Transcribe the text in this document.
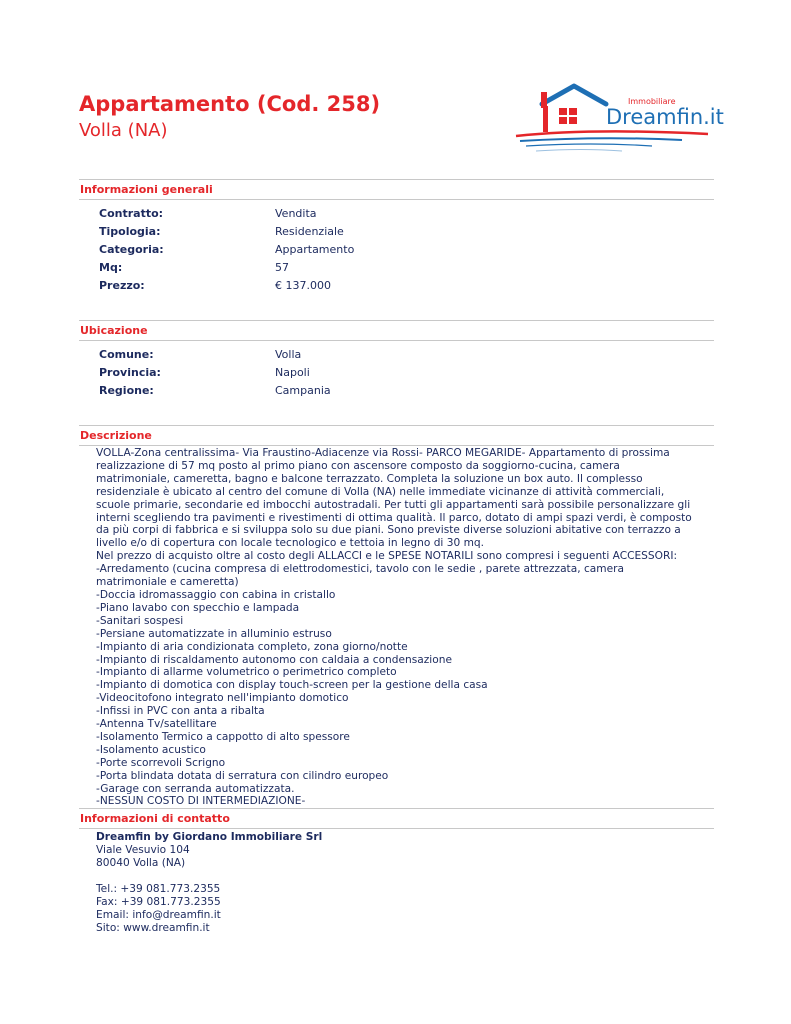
Appartamento (Cod. 258)
Volla (NA)
Immobiliare
Dreamfin.it
Informazioni generali
Contratto:	Vendita
Tipologia:	Residenziale
Categoria:	Appartamento
Mq:	57
Prezzo:	€ 137.000
Ubicazione
Comune:	Volla
Provincia:	Napoli
Regione:	Campania
Descrizione

VOLLA-Zona centralissima- Via Fraustino-Adiacenze via Rossi- PARCO MEGARIDE- Appartamento di prossima realizzazione di 57 mq posto al primo piano con ascensore composto da soggiorno-cucina, camera matrimoniale, cameretta, bagno e balcone terrazzato. Completa la soluzione un box auto. Il complesso residenziale è ubicato al centro del comune di Volla (NA) nelle immediate vicinanze di attività commerciali, scuole primarie, secondarie ed imbocchi autostradali. Per tutti gli appartamenti sarà possibile personalizzare gli interni scegliendo tra pavimenti e rivestimenti di ottima qualità. Il parco, dotato di ampi spazi verdi, è composto da più corpi di fabbrica e si sviluppa solo su due piani. Sono previste diverse soluzioni abitative con terrazzo a livello e/o di copertura con locale tecnologico e tettoia in legno di 30 mq.

Nel prezzo di acquisto oltre al costo degli ALLACCI e le SPESE NOTARILI sono compresi i seguenti ACCESSORI:

-Arredamento (cucina compresa di elettrodomestici, tavolo con le sedie , parete attrezzata, camera matrimoniale e cameretta)

-Doccia idromassaggio con cabina in cristallo

-Piano lavabo con specchio e lampada

-Sanitari sospesi

-Persiane automatizzate in alluminio estruso

-Impianto di aria condizionata completo, zona giorno/notte

-Impianto di riscaldamento autonomo con caldaia a condensazione

-Impianto di allarme volumetrico o perimetrico completo

-Impianto di domotica con display touch-screen per la gestione della casa

-Videocitofono integrato nell'impianto domotico

-Infissi in PVC con anta a ribalta

-Antenna Tv/satellitare

-Isolamento Termico a cappotto di alto spessore

-Isolamento acustico

-Porte scorrevoli Scrigno

-Porta blindata dotata di serratura con cilindro europeo

-Garage con serranda automatizzata.

-NESSUN COSTO DI INTERMEDIAZIONE-

Informazioni di contatto
Dreamfin by Giordano Immobiliare Srl
Viale Vesuvio 104
80040 Volla (NA)
Tel.: +39 081.773.2355
Fax: +39 081.773.2355
Email: info@dreamfin.it
Sito: www.dreamfin.it
